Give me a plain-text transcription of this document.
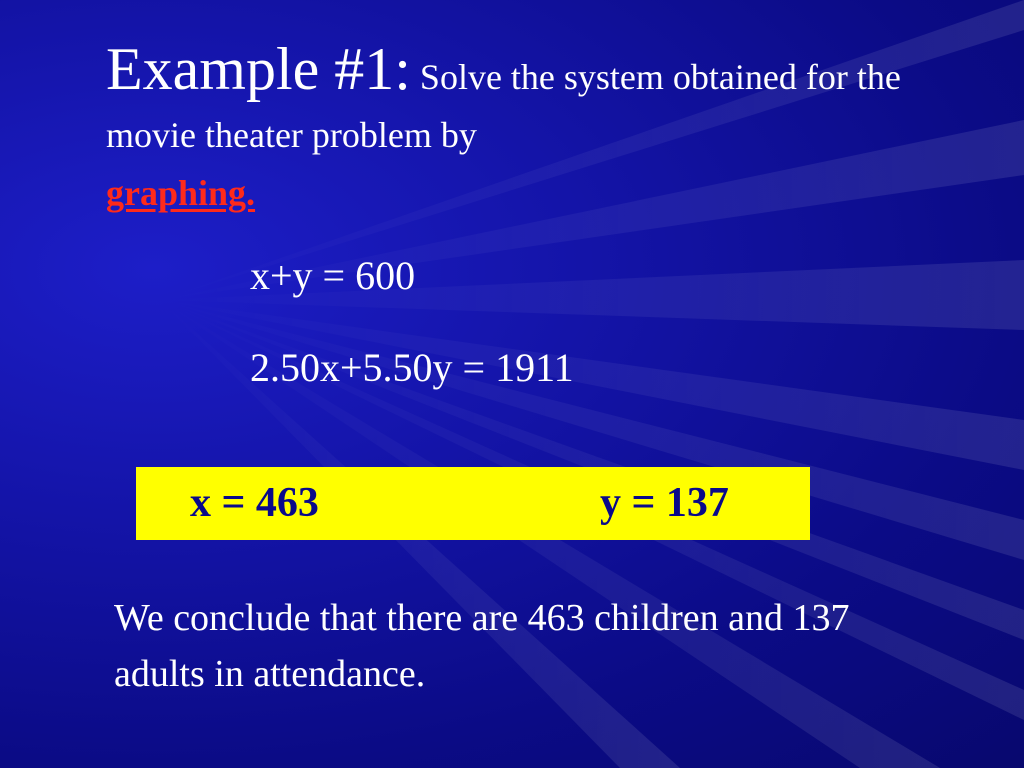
Example #1: Solve the system obtained for the movie theater problem by
graphing.
x+y = 600
2.50x+5.50y = 1911
x = 463	y = 137
We conclude that there are 463 children and 137 adults in attendance.
